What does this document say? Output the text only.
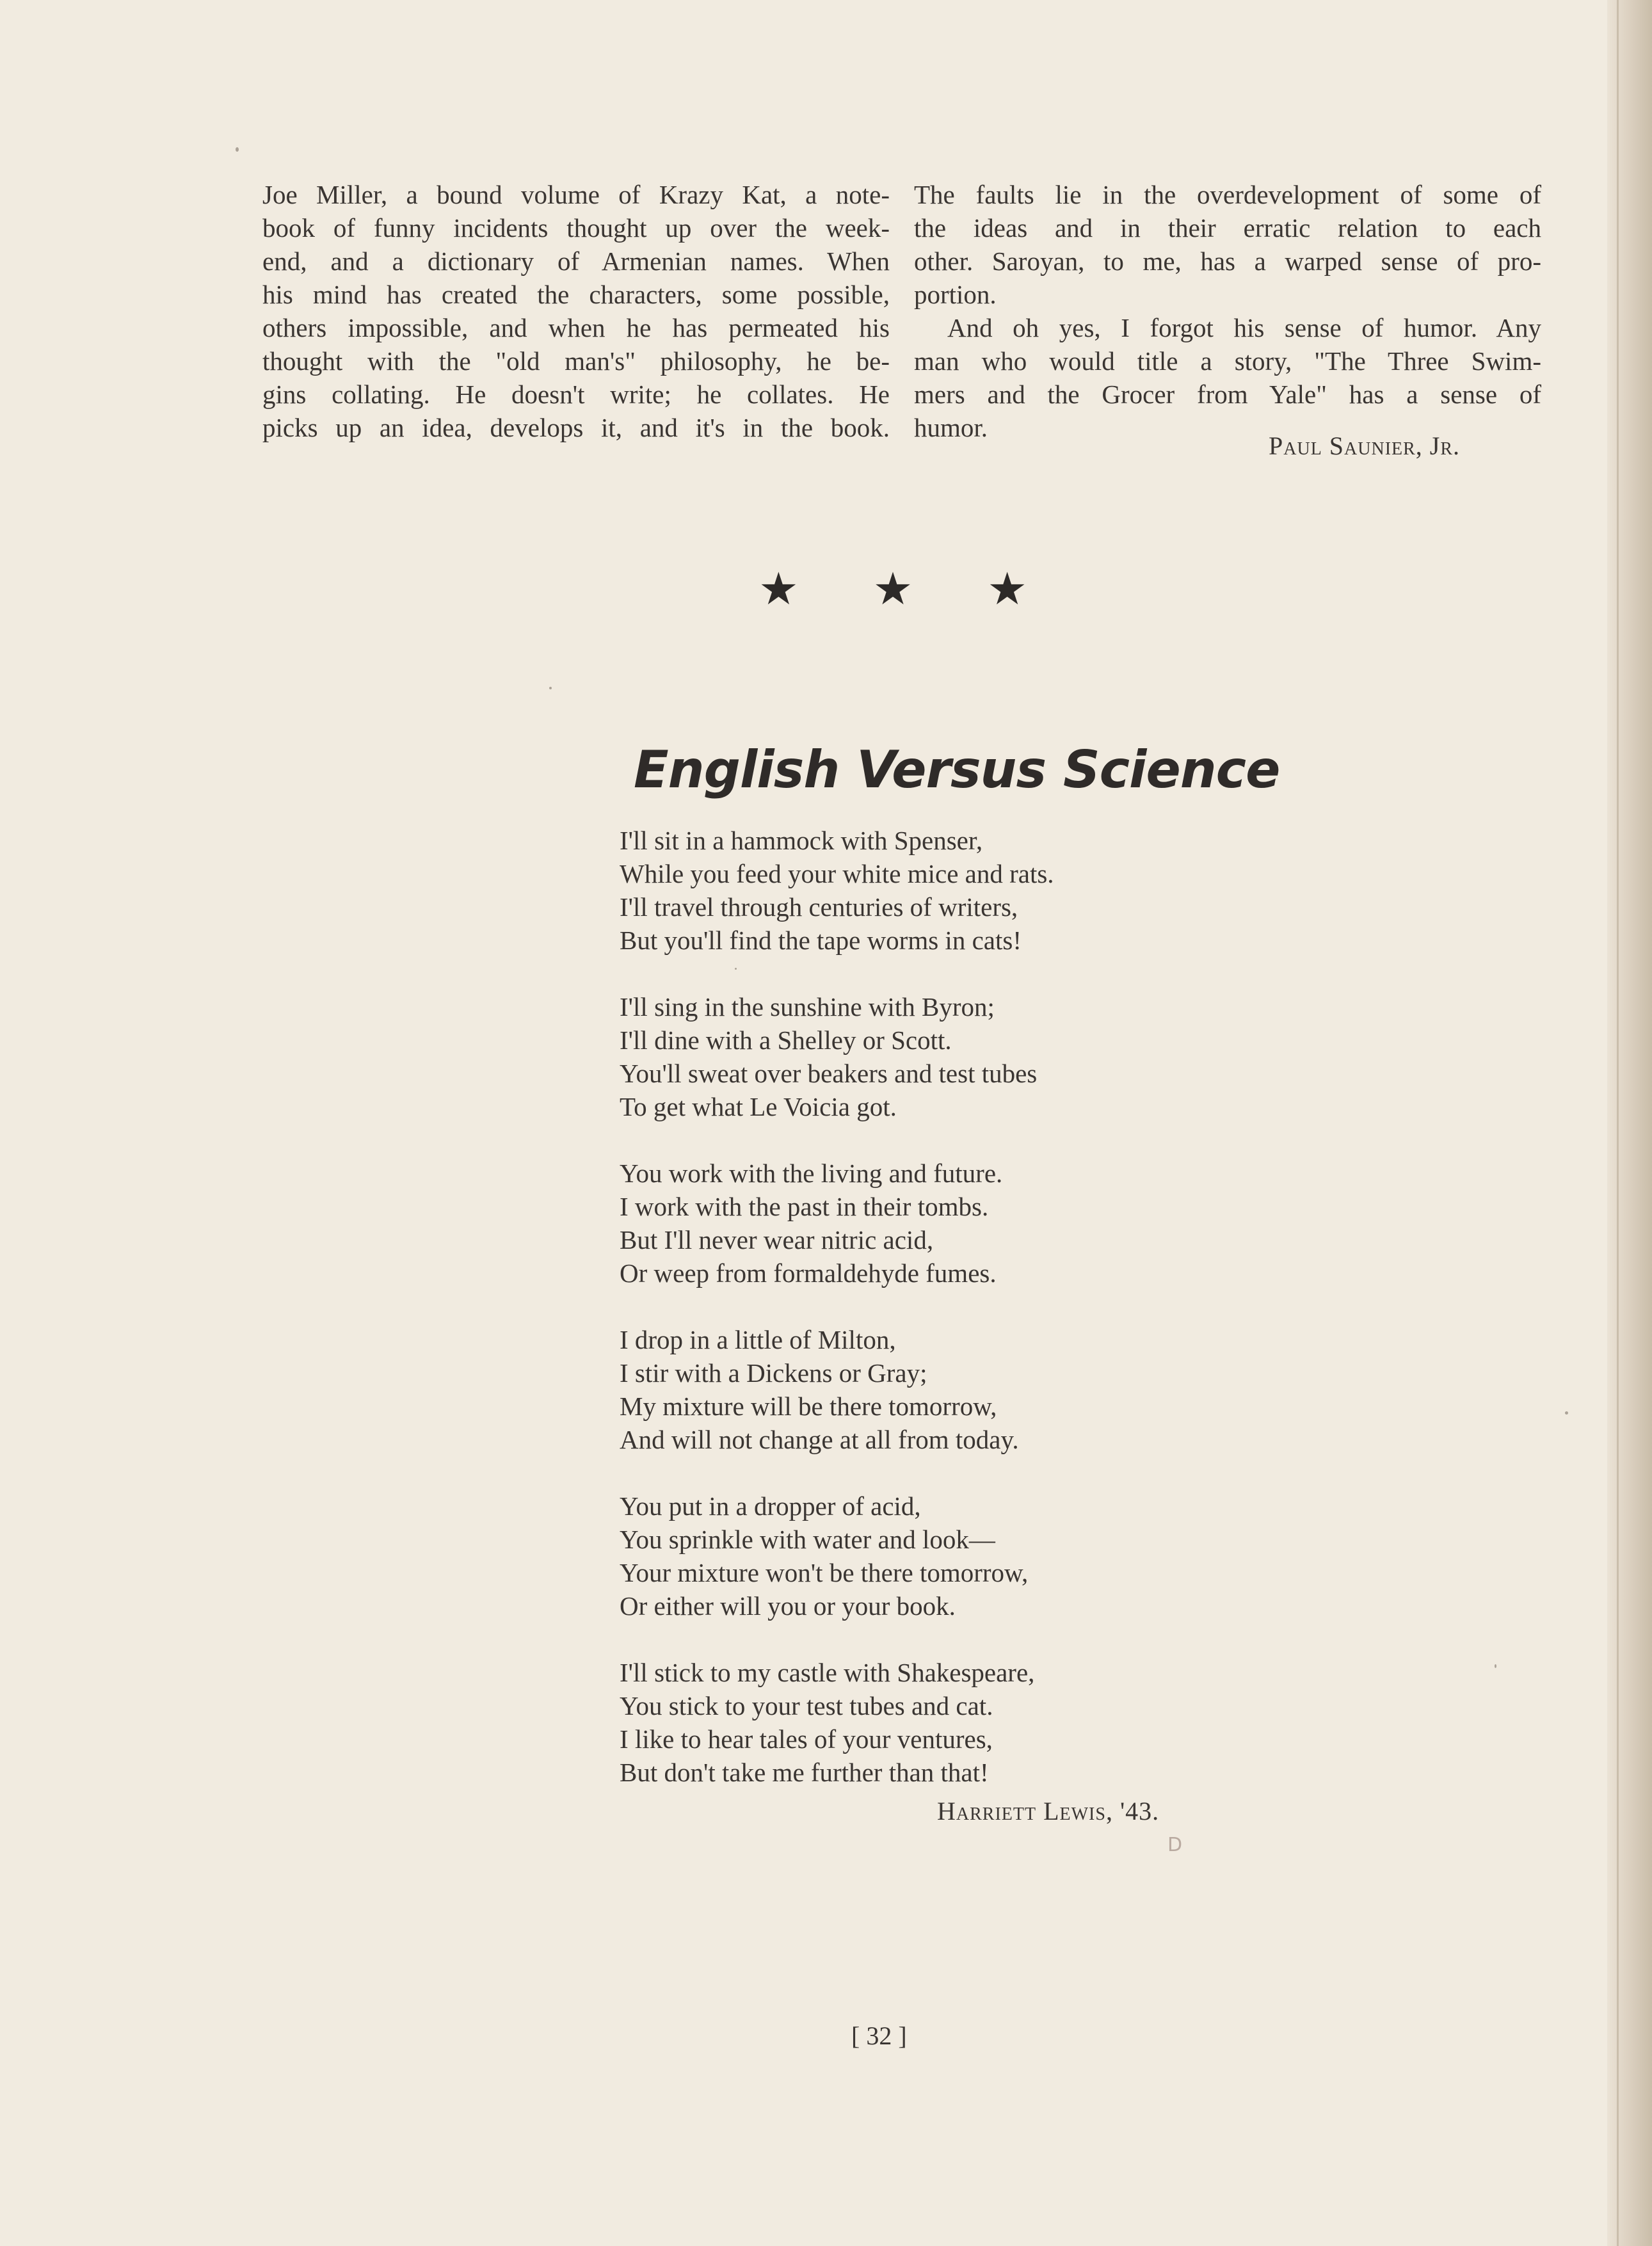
Joe Miller, a bound volume of Krazy Kat, a note-
book of funny incidents thought up over the week-
end, and a dictionary of Armenian names. When
his mind has created the characters, some possible,
others impossible, and when he has permeated his
thought with the "old man's" philosophy, he be-
gins collating. He doesn't write; he collates. He
picks up an idea, develops it, and it's in the book.
The faults lie in the overdevelopment of some of
the ideas and in their erratic relation to each
other. Saroyan, to me, has a warped sense of pro-
portion.
And oh yes, I forgot his sense of humor. Any
man who would title a story, "The Three Swim-
mers and the Grocer from Yale" has a sense of
humor.
Paul Saunier, Jr.
★ ★ ★
English Versus Science
I'll sit in a hammock with Spenser,
While you feed your white mice and rats.
I'll travel through centuries of writers,
But you'll find the tape worms in cats!
I'll sing in the sunshine with Byron;
I'll dine with a Shelley or Scott.
You'll sweat over beakers and test tubes
To get what Le Voicia got.
You work with the living and future.
I work with the past in their tombs.
But I'll never wear nitric acid,
Or weep from formaldehyde fumes.
I drop in a little of Milton,
I stir with a Dickens or Gray;
My mixture will be there tomorrow,
And will not change at all from today.
You put in a dropper of acid,
You sprinkle with water and look—
Your mixture won't be there tomorrow,
Or either will you or your book.
I'll stick to my castle with Shakespeare,
You stick to your test tubes and cat.
I like to hear tales of your ventures,
But don't take me further than that!
Harriett Lewis, '43.
D
[ 32 ]
